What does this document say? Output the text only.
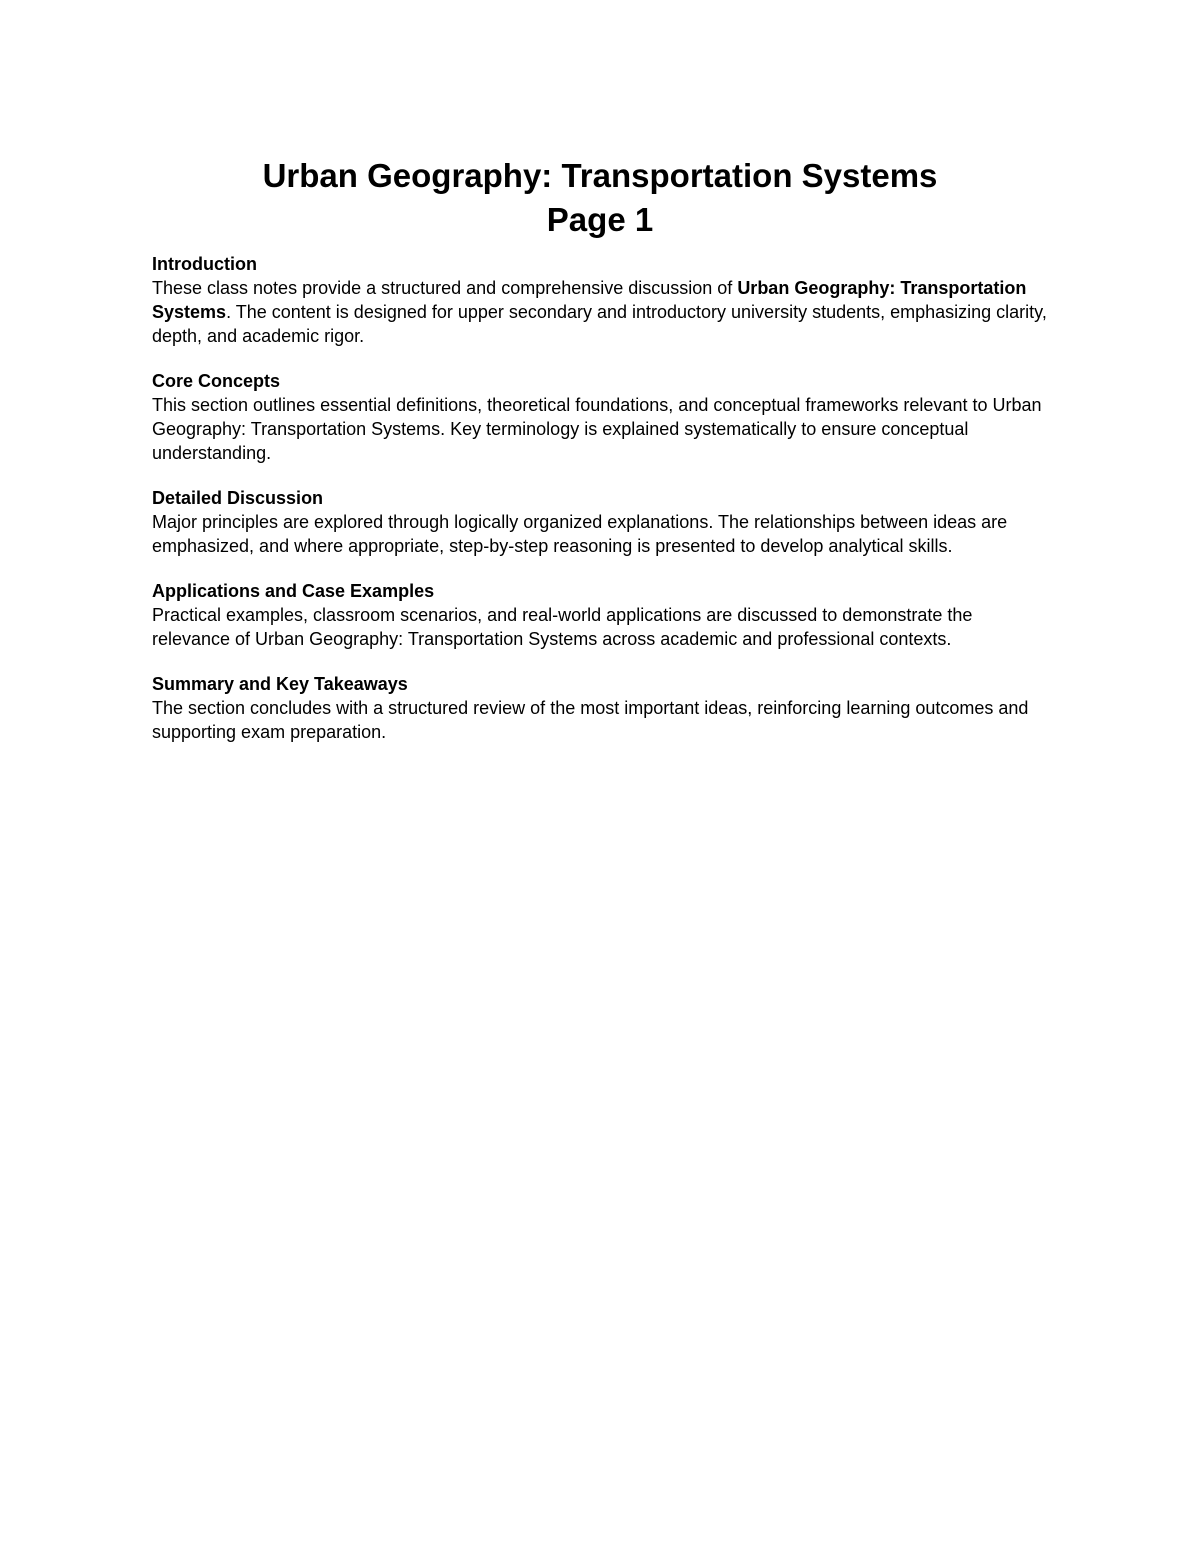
Urban Geography: Transportation Systems

Page 1

Introduction

These class notes provide a structured and comprehensive discussion of Urban Geography: Transportation Systems. The content is designed for upper secondary and introductory university students, emphasizing clarity, depth, and academic rigor.

Core Concepts

This section outlines essential definitions, theoretical foundations, and conceptual frameworks relevant to Urban Geography: Transportation Systems. Key terminology is explained systematically to ensure conceptual understanding.

Detailed Discussion

Major principles are explored through logically organized explanations. The relationships between ideas are emphasized, and where appropriate, step-by-step reasoning is presented to develop analytical skills.

Applications and Case Examples

Practical examples, classroom scenarios, and real-world applications are discussed to demonstrate the relevance of Urban Geography: Transportation Systems across academic and professional contexts.

Summary and Key Takeaways

The section concludes with a structured review of the most important ideas, reinforcing learning outcomes and supporting exam preparation.
